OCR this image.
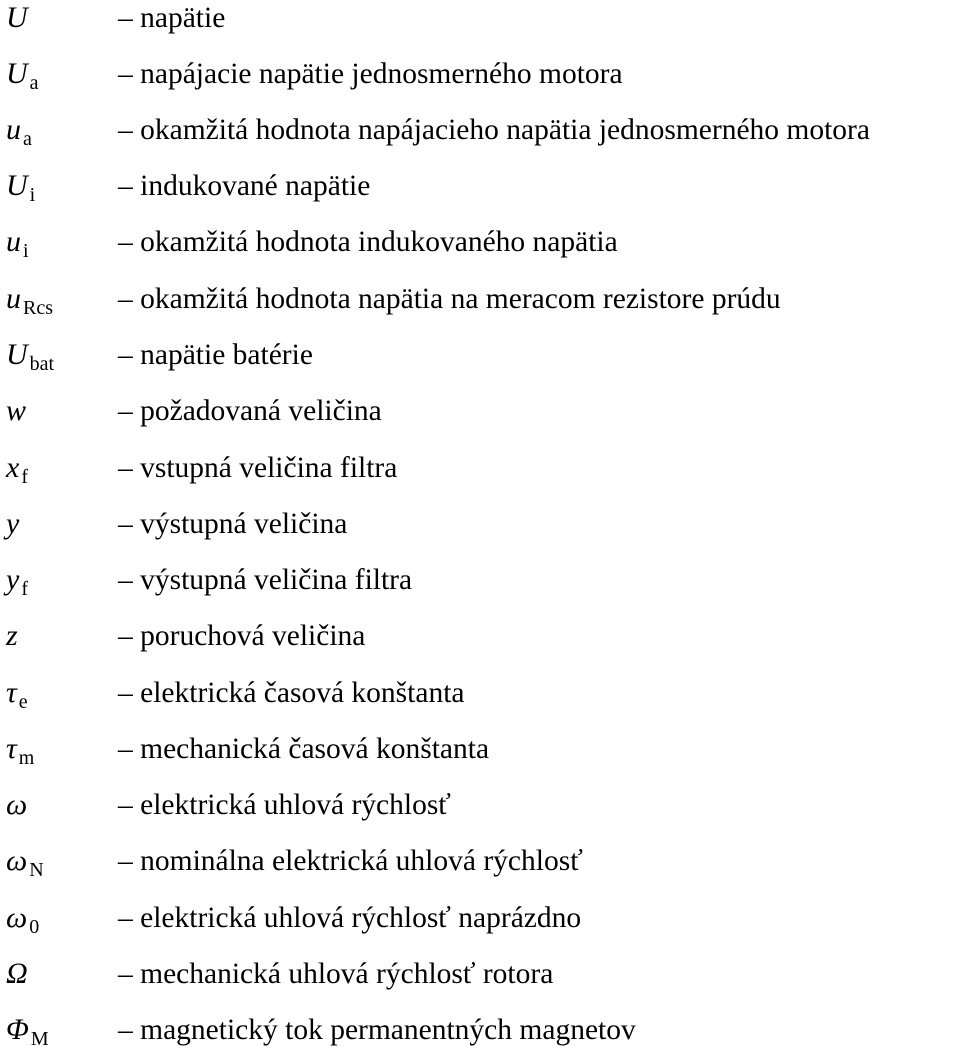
U	– napätie
U $_a$	– napájacie napätie jednosmerného motora
u $_a$	– okamžitá hodnota napájacieho napätia jednosmerného motora
U $_i$	– indukované napätie
u $_i$	– okamžitá hodnota indukovaného napätia
u $_{Rcs}$	– okamžitá hodnota napätia na meracom rezistore prúdu
U $_{bat}$	– napätie batérie
w	– požadovaná veličina
x $_f$	– vstupná veličina filtra
y	– výstupná veličina
y $_f$	– výstupná veličina filtra
z	– poruchová veličina
τ $_e$	– elektrická časová konštanta
τ $_m$	– mechanická časová konštanta
ω	– elektrická uhlová rýchlosť
ω $_N$	– nominálna elektrická uhlová rýchlosť
ω $_0$	– elektrická uhlová rýchlosť naprázdno
Ω	– mechanická uhlová rýchlosť rotora
Φ $_M$	– magnetický tok permanentných magnetov
